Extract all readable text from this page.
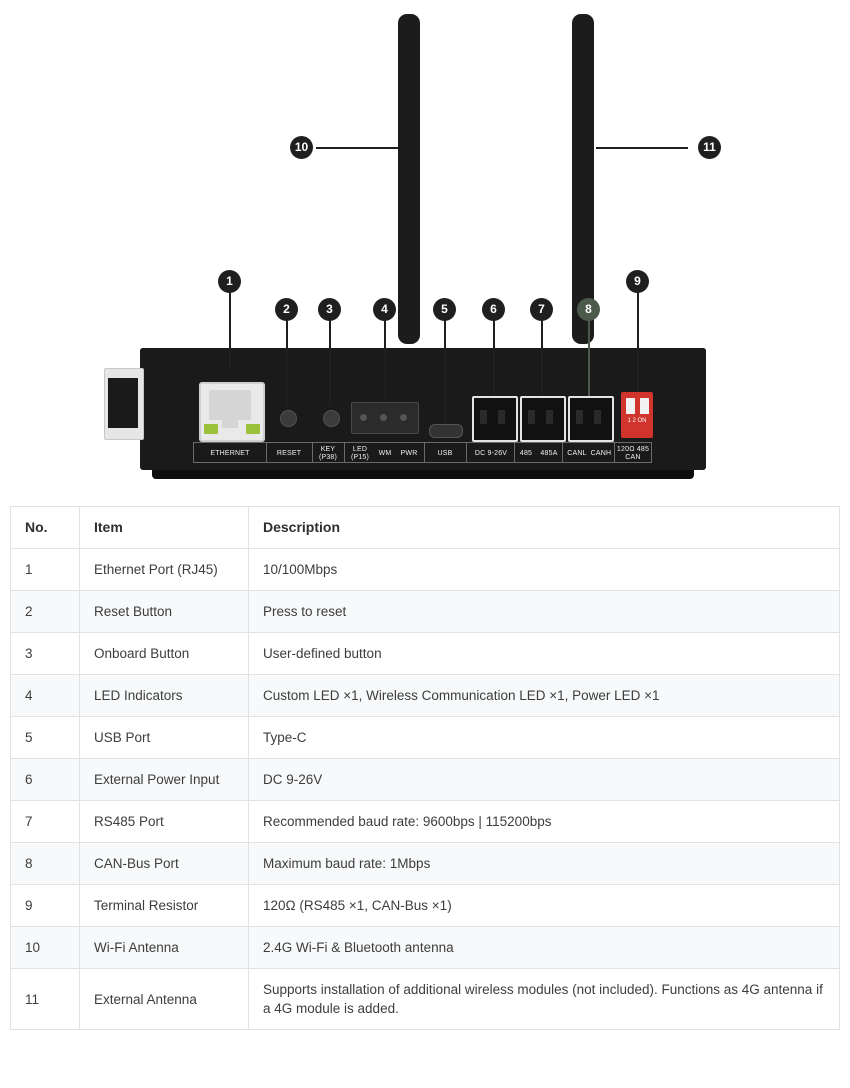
1 2 ON
ETHERNET	RESET
KEY (P38)
LED (P15)
WM	PWR	USB	DC 9-26V	485	485A	CANL CANH
120Ω 485 CAN
1
2	3	4	5	6	7	8
9
10	11
No.	Item	Description
1	Ethernet Port (RJ45)	10/100Mbps
2	Reset Button	Press to reset
3	Onboard Button	User-defined button
4	LED Indicators	Custom LED ×1, Wireless Communication LED ×1, Power LED ×1
5	USB Port	Type-C
6	External Power Input	DC 9-26V
7	RS485 Port	Recommended baud rate: 9600bps | 115200bps
8	CAN-Bus Port	Maximum baud rate: 1Mbps
9	Terminal Resistor	120Ω (RS485 ×1, CAN-Bus ×1)
10	Wi-Fi Antenna	2.4G Wi-Fi & Bluetooth antenna
11	External Antenna	Supports installation of additional wireless modules (not included). Functions as 4G antenna if a 4G module is added.
